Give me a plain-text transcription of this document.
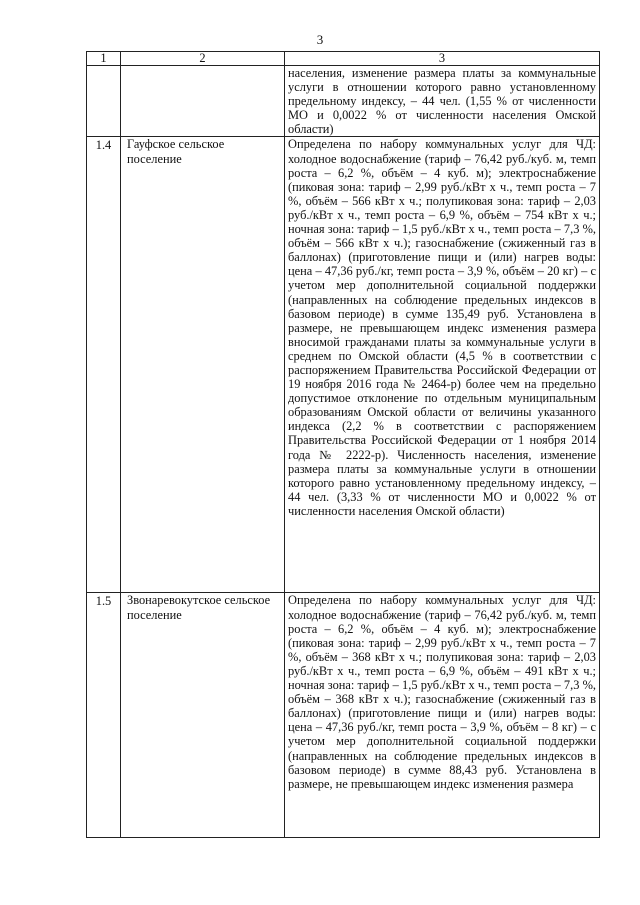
3
1	2	3
		населения, изменение размера платы за коммунальные услуги в отношении которого равно установленному предельному индексу, – 44 чел. (1,55 % от численности МО и 0,0022 % от численности населения Омской области)
1.4	Гауфское сельское поселение	Определена по набору коммунальных услуг для ЧД: холодное водоснабжение (тариф – 76,42 руб./куб. м, темп роста – 6,2 %, объём – 4 куб. м); электроснабжение (пиковая зона: тариф – 2,99 руб./кВт х ч., темп роста – 7 %, объём – 566 кВт х ч.; полупиковая зона: тариф – 2,03 руб./кВт х ч., темп роста – 6,9 %, объём – 754 кВт х ч.; ночная зона: тариф – 1,5 руб./кВт х ч., темп роста – 7,3 %, объём – 566 кВт х ч.); газоснабжение (сжиженный газ в баллонах) (приготовление пищи и (или) нагрев воды: цена – 47,36 руб./кг, темп роста – 3,9 %, объём – 20 кг) – с учетом мер дополнительной социальной поддержки (направленных на соблюдение предельных индексов в базовом периоде) в сумме 135,49 руб. Установлена в размере, не превышающем индекс изменения размера вносимой гражданами платы за коммунальные услуги в среднем по Омской области (4,5 % в соответствии с распоряжением Правительства Российской Федерации от 19 ноября 2016 года № 2464-р) более чем на предельно допустимое отклонение по отдельным муниципальным образованиям Омской области от величины указанного индекса (2,2 % в соответствии с распоряжением Правительства Российской Федерации от 1 ноября 2014 года № 2222-р). Численность населения, изменение размера платы за коммунальные услуги в отношении которого равно установленному предельному индексу, – 44 чел. (3,33 % от численности МО и 0,0022 % от численности населения Омской области)
1.5	Звонаревокутское сельское поселение	Определена по набору коммунальных услуг для ЧД: холодное водоснабжение (тариф – 76,42 руб./куб. м, темп роста – 6,2 %, объём – 4 куб. м); электроснабжение (пиковая зона: тариф – 2,99 руб./кВт х ч., темп роста – 7 %, объём – 368 кВт х ч.; полупиковая зона: тариф – 2,03 руб./кВт х ч., темп роста – 6,9 %, объём – 491 кВт х ч.; ночная зона: тариф – 1,5 руб./кВт х ч., темп роста – 7,3 %, объём – 368 кВт х ч.); газоснабжение (сжиженный газ в баллонах) (приготовление пищи и (или) нагрев воды: цена – 47,36 руб./кг, темп роста – 3,9 %, объём – 8 кг) – с учетом мер дополнительной социальной поддержки (направленных на соблюдение предельных индексов в базовом периоде) в сумме 88,43 руб. Установлена в размере, не превышающем индекс изменения размера
